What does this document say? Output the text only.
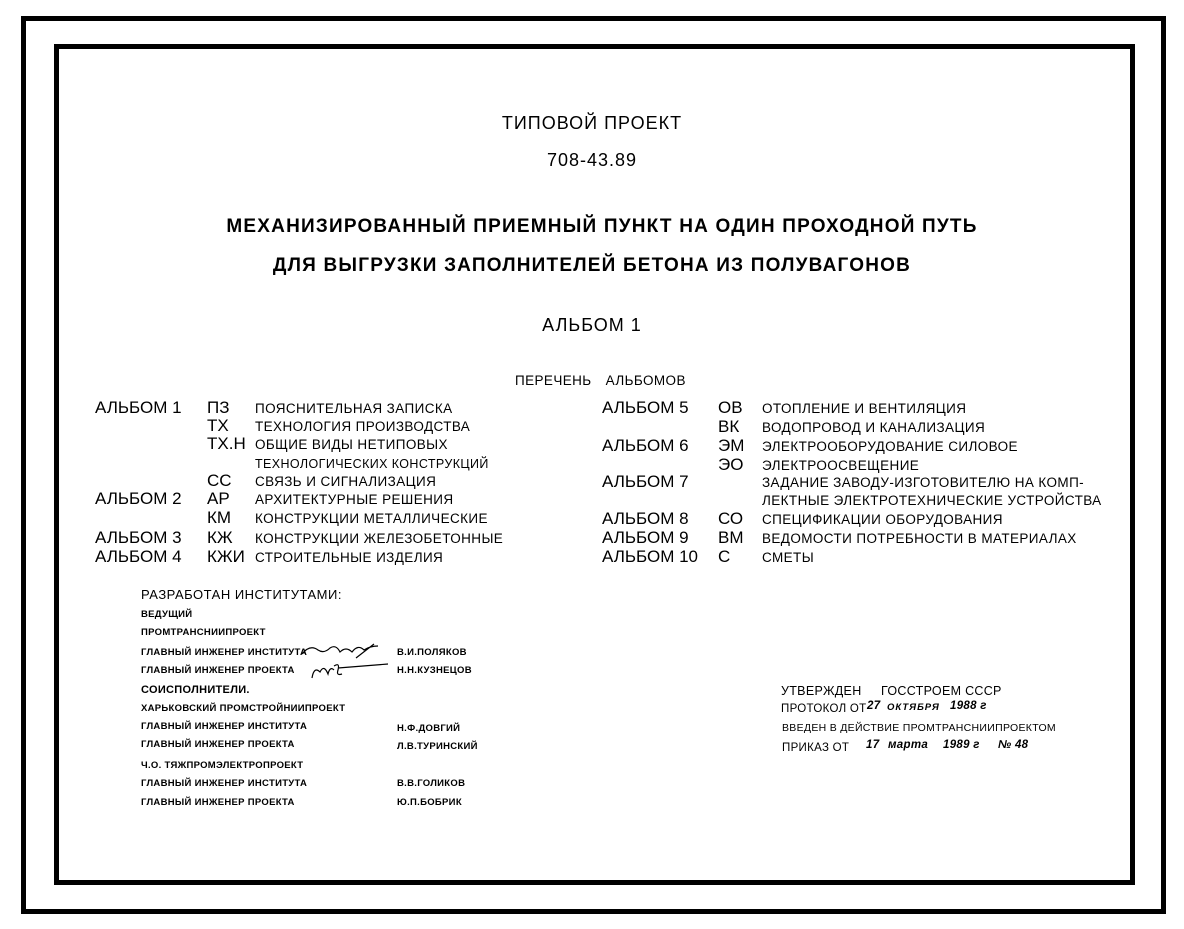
ТИПОВОЙ ПРОЕКТ
708-43.89
МЕХАНИЗИРОВАННЫЙ ПРИЕМНЫЙ ПУНКТ НА ОДИН ПРОХОДНОЙ ПУТЬ
ДЛЯ ВЫГРУЗКИ ЗАПОЛНИТЕЛЕЙ БЕТОНА ИЗ ПОЛУВАГОНОВ
АЛЬБОМ 1
ПЕРЕЧЕНЬ АЛЬБОМОВ
АЛЬБОМ 1 ПЗ ПОЯСНИТЕЛЬНАЯ ЗАПИСКА
ТХ ТЕХНОЛОГИЯ ПРОИЗВОДСТВА
ТХ.Н ОБЩИЕ ВИДЫ НЕТИПОВЫХ
ТЕХНОЛОГИЧЕСКИХ КОНСТРУКЦИЙ
СС СВЯЗЬ И СИГНАЛИЗАЦИЯ
АЛЬБОМ 2 АР АРХИТЕКТУРНЫЕ РЕШЕНИЯ
КМ КОНСТРУКЦИИ МЕТАЛЛИЧЕСКИЕ
АЛЬБОМ 3 КЖ КОНСТРУКЦИИ ЖЕЛЕЗОБЕТОННЫЕ
АЛЬБОМ 4 КЖИ СТРОИТЕЛЬНЫЕ ИЗДЕЛИЯ
АЛЬБОМ 5 ОВ ОТОПЛЕНИЕ И ВЕНТИЛЯЦИЯ
ВК ВОДОПРОВОД И КАНАЛИЗАЦИЯ
АЛЬБОМ 6 ЭМ ЭЛЕКТРООБОРУДОВАНИЕ СИЛОВОЕ
ЭО ЭЛЕКТРООСВЕЩЕНИЕ
АЛЬБОМ 7	ЗАДАНИЕ ЗАВОДУ-ИЗГОТОВИТЕЛЮ НА КОМП-
ЛЕКТНЫЕ ЭЛЕКТРОТЕХНИЧЕСКИЕ УСТРОЙСТВА
АЛЬБОМ 8 СО СПЕЦИФИКАЦИИ ОБОРУДОВАНИЯ
АЛЬБОМ 9 ВМ ВЕДОМОСТИ ПОТРЕБНОСТИ В МАТЕРИАЛАХ
АЛЬБОМ 10 С СМЕТЫ
РАЗРАБОТАН ИНСТИТУТАМИ:
ВЕДУЩИЙ
ПРОМТРАНСНИИПРОЕКТ
ГЛАВНЫЙ ИНЖЕНЕР ИНСТИТУТА	В.И.ПОЛЯКОВ
ГЛАВНЫЙ ИНЖЕНЕР ПРОЕКТА	Н.Н.КУЗНЕЦОВ
СОИСПОЛНИТЕЛИ.
ХАРЬКОВСКИЙ ПРОМСТРОЙНИИПРОЕКТ
ГЛАВНЫЙ ИНЖЕНЕР ИНСТИТУТА	Н.Ф.ДОВГИЙ
ГЛАВНЫЙ ИНЖЕНЕР ПРОЕКТА	Л.В.ТУРИНСКИЙ
Ч.О. ТЯЖПРОМЭЛЕКТРОПРОЕКТ
ГЛАВНЫЙ ИНЖЕНЕР ИНСТИТУТА	В.В.ГОЛИКОВ
ГЛАВНЫЙ ИНЖЕНЕР ПРОЕКТА	Ю.П.БОБРИК
УТВЕРЖДЕН ГОССТРОЕМ СССР
ПРОТОКОЛ ОТ 27 ОКТЯБРЯ 1988 г
ВВЕДЕН В ДЕЙСТВИЕ ПРОМТРАНСНИИПРОЕКТОМ
ПРИКАЗ ОТ 17 марта 1989 г № 48
